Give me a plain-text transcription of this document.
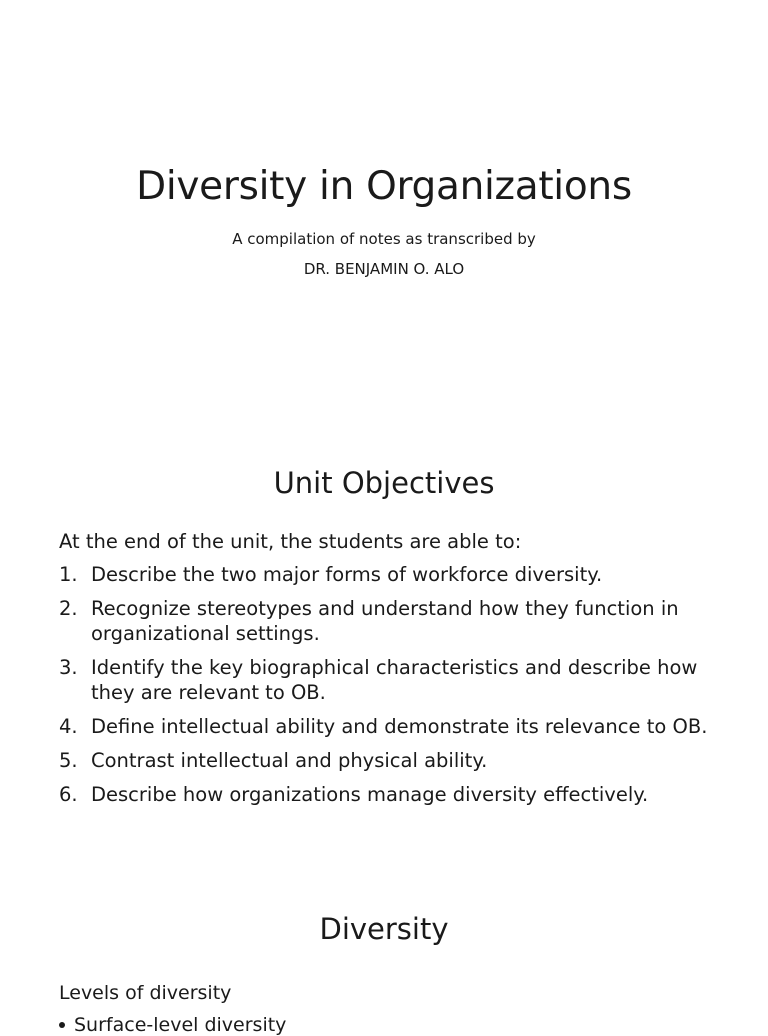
Diversity in Organizations

A compilation of notes as transcribed by

DR. BENJAMIN O. ALO

Unit Objectives

At the end of the unit, the students are able to:

1. Describe the two major forms of workforce diversity.
2. Recognize stereotypes and understand how they function in organizational settings.
3. Identify the key biographical characteristics and describe how they are relevant to OB.
4. Define intellectual ability and demonstrate its relevance to OB.
5. Contrast intellectual and physical ability.
6. Describe how organizations manage diversity effectively.
Diversity

Levels of diversity

Surface-level diversity
